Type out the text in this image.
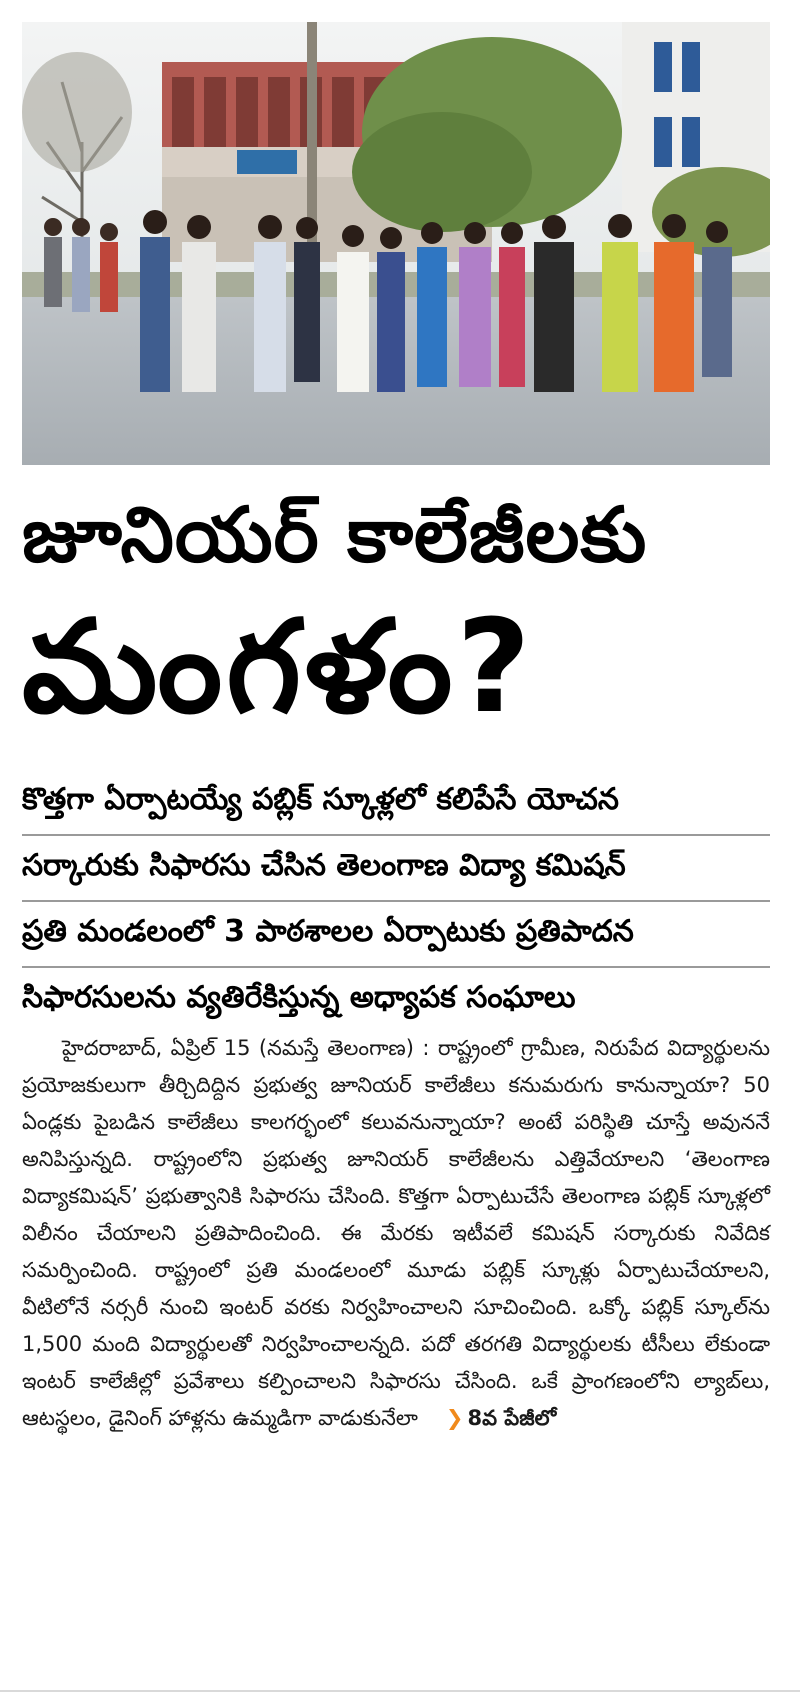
జూనియర్ కాలేజీలకు
మంగళం?
కొత్తగా ఏర్పాటయ్యే పబ్లిక్ స్కూళ్లలో కలిపేసే యోచన
సర్కారుకు సిఫారసు చేసిన తెలంగాణ విద్యా కమిషన్
ప్రతి మండలంలో 3 పాఠశాలల ఏర్పాటుకు ప్రతిపాదన
సిఫారసులను వ్యతిరేకిస్తున్న అధ్యాపక సంఘాలు

హైదరాబాద్, ఏప్రిల్ 15 (నమస్తే తెలంగాణ) : రాష్ట్రంలో గ్రామీణ, నిరుపేద విద్యార్థులను ప్రయోజకులుగా తీర్చిదిద్దిన ప్రభుత్వ జూనియర్ కాలేజీలు కనుమరుగు కానున్నాయా? 50 ఏండ్లకు పైబడిన కాలేజీలు కాలగర్భంలో కలువనున్నాయా? అంటే పరిస్థితి చూస్తే అవుననే అనిపిస్తున్నది. రాష్ట్రంలోని ప్రభుత్వ జూనియర్ కాలేజీలను ఎత్తివేయాలని ‘తెలంగాణ విద్యాకమిషన్’ ప్రభుత్వానికి సిఫారసు చేసింది. కొత్తగా ఏర్పాటుచేసే తెలంగాణ పబ్లిక్ స్కూళ్లలో విలీనం చేయాలని ప్రతిపాదించింది. ఈ మేరకు ఇటీవలే కమిషన్ సర్కారుకు నివేదిక సమర్పించింది. రాష్ట్రంలో ప్రతి మండలంలో మూడు పబ్లిక్ స్కూళ్లు ఏర్పాటుచేయాలని, వీటిలోనే నర్సరీ నుంచి ఇంటర్ వరకు నిర్వహించాలని సూచించింది. ఒక్కో పబ్లిక్ స్కూల్‌ను 1,500 మంది విద్యార్థులతో నిర్వహించాలన్నది. పదో తరగతి విద్యార్థులకు టీసీలు లేకుండా ఇంటర్ కాలేజీల్లో ప్రవేశాలు కల్పించాలని సిఫారసు చేసింది. ఒకే ప్రాంగణంలోని ల్యాబ్‌లు, ఆటస్థలం, డైనింగ్ హాళ్లను ఉమ్మడిగా వాడుకునేలా ❯ 8వ పేజీలో
